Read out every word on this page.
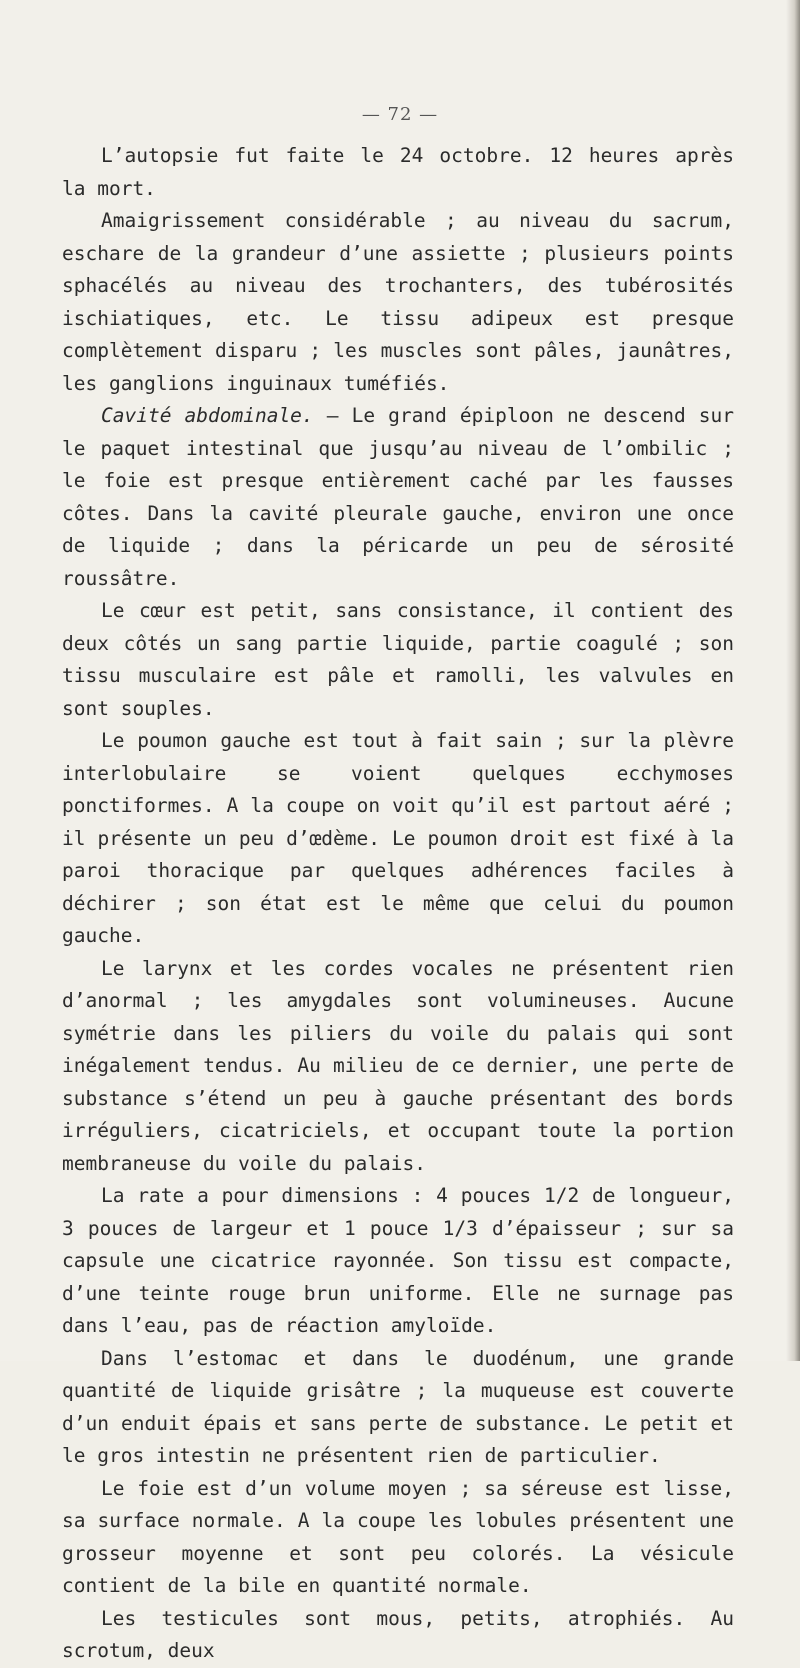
— 72 —

L’autopsie fut faite le 24 octobre. 12 heures après la mort.

Amaigrissement considérable ; au niveau du sacrum, eschare de la grandeur d’une assiette ; plusieurs points sphacélés au niveau des trochanters, des tubérosités ischiatiques, etc. Le tissu adipeux est presque complètement disparu ; les muscles sont pâles, jaunâtres, les ganglions inguinaux tuméfiés.

Cavité abdominale. — Le grand épiploon ne descend sur le paquet intestinal que jusqu’au niveau de l’ombilic ; le foie est presque entièrement caché par les fausses côtes. Dans la cavité pleurale gauche, environ une once de liquide ; dans la péricarde un peu de sérosité roussâtre.

Le cœur est petit, sans consistance, il contient des deux côtés un sang partie liquide, partie coagulé ; son tissu musculaire est pâle et ramolli, les valvules en sont souples.

Le poumon gauche est tout à fait sain ; sur la plèvre interlobulaire se voient quelques ecchymoses ponctiformes. A la coupe on voit qu’il est partout aéré ; il présente un peu d’œdème. Le poumon droit est fixé à la paroi thoracique par quelques adhérences faciles à déchirer ; son état est le même que celui du poumon gauche.

Le larynx et les cordes vocales ne présentent rien d’anormal ; les amygdales sont volumineuses. Aucune symétrie dans les piliers du voile du palais qui sont inégalement tendus. Au milieu de ce dernier, une perte de substance s’étend un peu à gauche présentant des bords irréguliers, cicatriciels, et occupant toute la portion membraneuse du voile du palais.

La rate a pour dimensions : 4 pouces 1/2 de longueur, 3 pouces de largeur et 1 pouce 1/3 d’épaisseur ; sur sa capsule une cicatrice rayonnée. Son tissu est compacte, d’une teinte rouge brun uniforme. Elle ne surnage pas dans l’eau, pas de réaction amyloïde.

Dans l’estomac et dans le duodénum, une grande quantité de liquide grisâtre ; la muqueuse est couverte d’un enduit épais et sans perte de substance. Le petit et le gros intestin ne présentent rien de particulier.

Le foie est d’un volume moyen ; sa séreuse est lisse, sa surface normale. A la coupe les lobules présentent une grosseur moyenne et sont peu colorés. La vésicule contient de la bile en quantité normale.

Les testicules sont mous, petits, atrophiés. Au scrotum, deux
